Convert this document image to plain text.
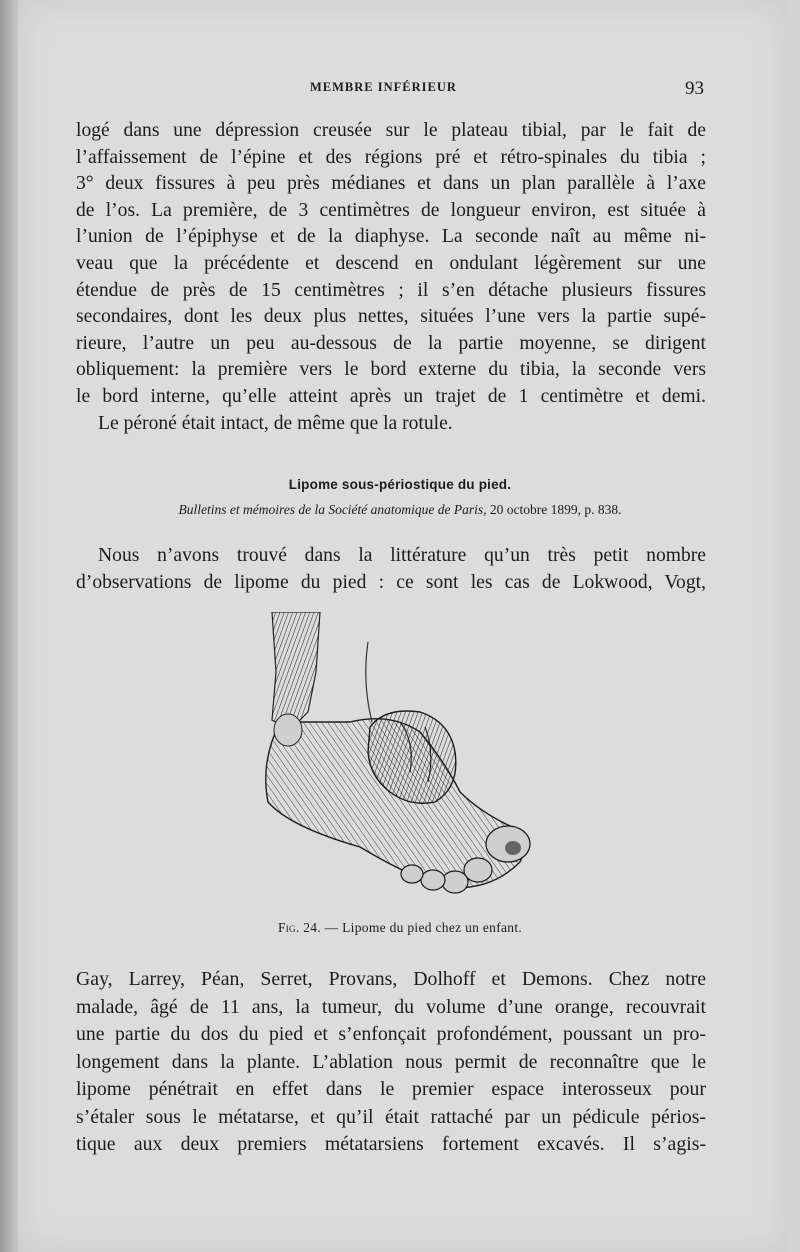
MEMBRE INFÉRIEUR	93
logé dans une dépression creusée sur le plateau tibial, par le fait de
l’affaissement de l’épine et des régions pré et rétro-spinales du tibia ;
3° deux fissures à peu près médianes et dans un plan parallèle à l’axe
de l’os. La première, de 3 centimètres de longueur environ, est située à
l’union de l’épiphyse et de la diaphyse. La seconde naît au même ni-
veau que la précédente et descend en ondulant légèrement sur une
étendue de près de 15 centimètres ; il s’en détache plusieurs fissures
secondaires, dont les deux plus nettes, situées l’une vers la partie supé-
rieure, l’autre un peu au-dessous de la partie moyenne, se dirigent
obliquement: la première vers le bord externe du tibia, la seconde vers
le bord interne, qu’elle atteint après un trajet de 1 centimètre et demi.
Le péroné était intact, de même que la rotule.
Lipome sous-périostique du pied.
Bulletins et mémoires de la Société anatomique de Paris, 20 octobre 1899, p. 838.
Nous n’avons trouvé dans la littérature qu’un très petit nombre
d’observations de lipome du pied : ce sont les cas de Lokwood, Vogt,
Fig. 24. — Lipome du pied chez un enfant.
Gay, Larrey, Péan, Serret, Provans, Dolhoff et Demons. Chez notre
malade, âgé de 11 ans, la tumeur, du volume d’une orange, recouvrait
une partie du dos du pied et s’enfonçait profondément, poussant un pro-
longement dans la plante. L’ablation nous permit de reconnaître que le
lipome pénétrait en effet dans le premier espace interosseux pour
s’étaler sous le métatarse, et qu’il était rattaché par un pédicule périos-
tique aux deux premiers métatarsiens fortement excavés. Il s’agis-
